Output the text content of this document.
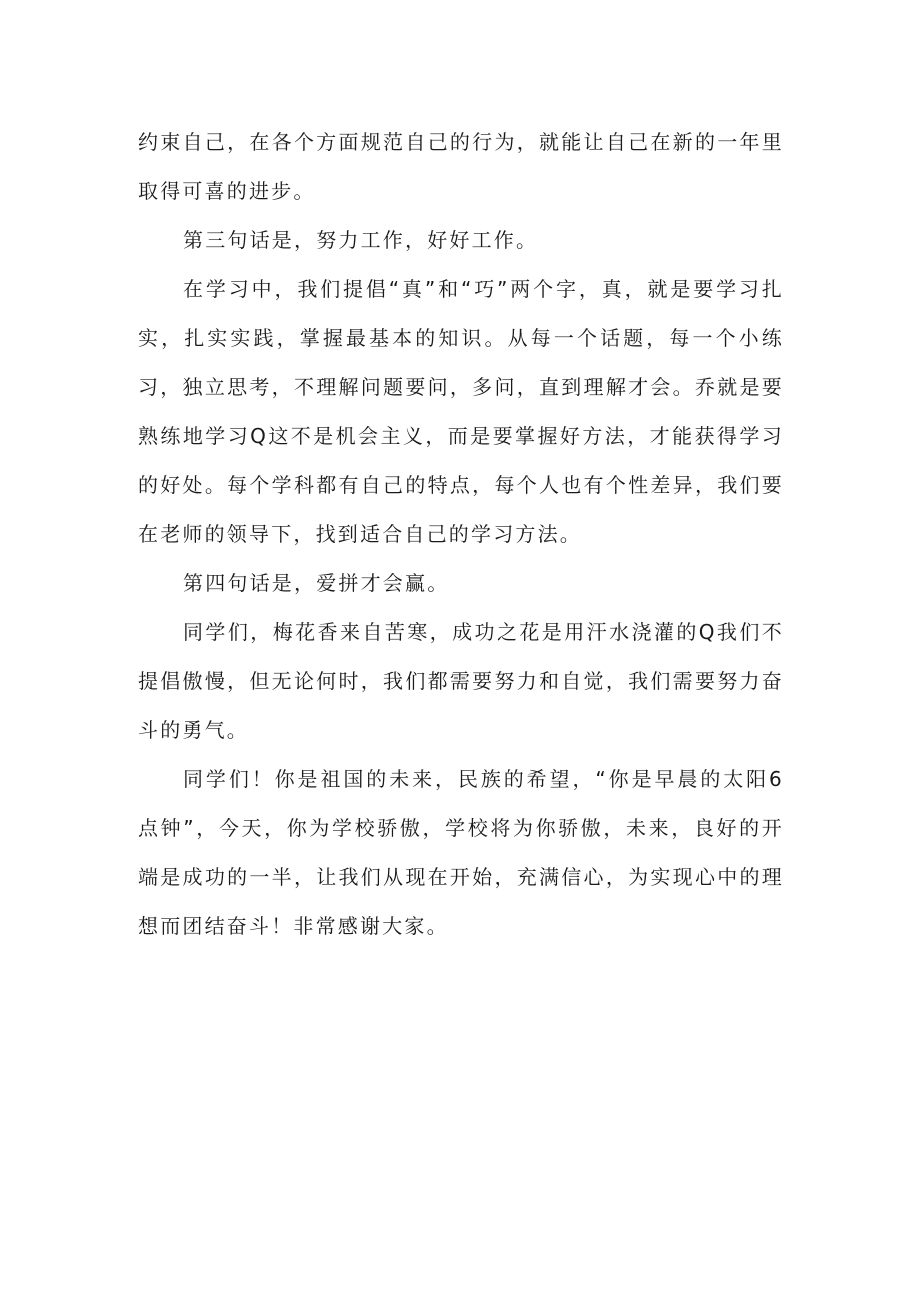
约束自己，在各个方面规范自己的行为，就能让自己在新的一年里取得可喜的进步。

第三句话是，努力工作，好好工作。

在学习中，我们提倡“真”和“巧”两个字，真，就是要学习扎实，扎实实践，掌握最基本的知识。从每一个话题，每一个小练习，独立思考，不理解问题要问，多问，直到理解才会。乔就是要熟练地学习Q这不是机会主义，而是要掌握好方法，才能获得学习的好处。每个学科都有自己的特点，每个人也有个性差异，我们要在老师的领导下，找到适合自己的学习方法。

第四句话是，爱拼才会赢。

同学们，梅花香来自苦寒，成功之花是用汗水浇灌的Q我们不提倡傲慢，但无论何时，我们都需要努力和自觉，我们需要努力奋斗的勇气。

同学们！你是祖国的未来，民族的希望，“你是早晨的太阳6点钟”，今天，你为学校骄傲，学校将为你骄傲，未来，良好的开端是成功的一半，让我们从现在开始，充满信心，为实现心中的理想而团结奋斗！非常感谢大家。
